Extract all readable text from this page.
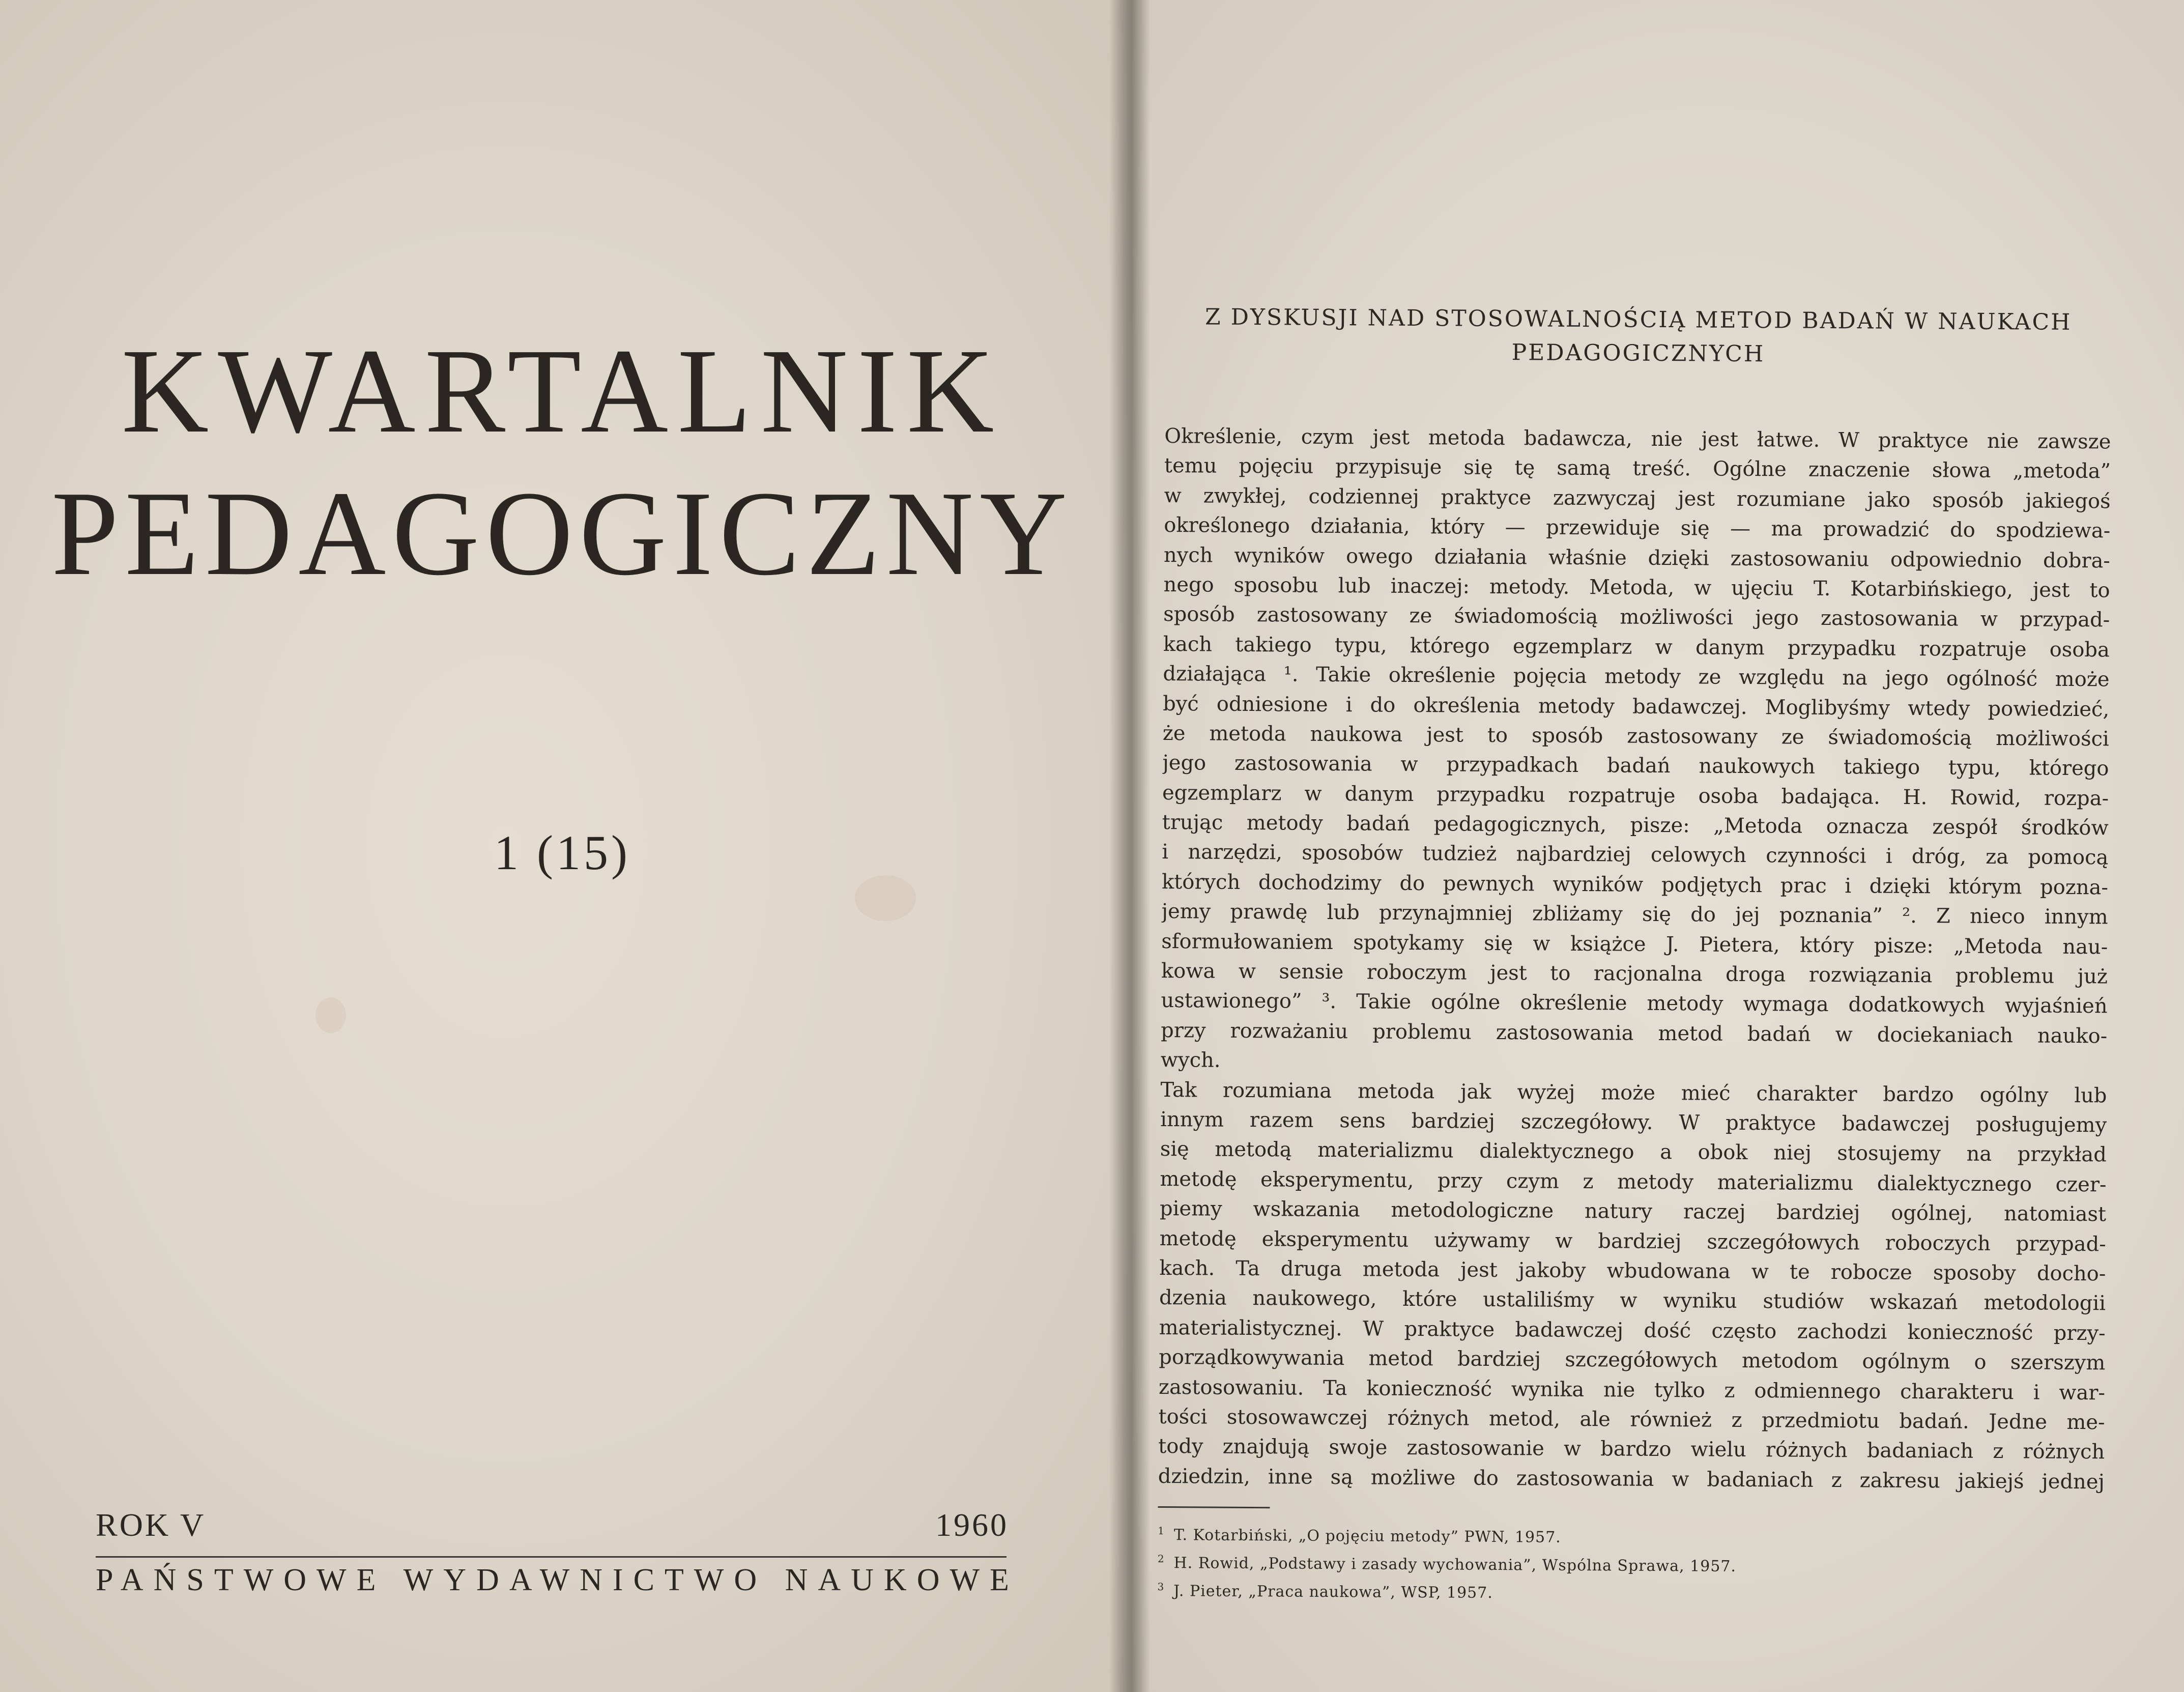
KWARTALNIK
PEDAGOGICZNY
1 (15)
ROK V	1960
PAŃSTWOWE WYDAWNICTWO NAUKOWE
Z DYSKUSJI NAD STOSOWALNOŚCIĄ METOD BADAŃ W NAUKACH
PEDAGOGICZNYCH
Określenie, czym jest metoda badawcza, nie jest łatwe. W praktyce nie zawsze
temu pojęciu przypisuje się tę samą treść. Ogólne znaczenie słowa „metoda”
w zwykłej, codziennej praktyce zazwyczaj jest rozumiane jako sposób jakiegoś
określonego działania, który — przewiduje się — ma prowadzić do spodziewa-
nych wyników owego działania właśnie dzięki zastosowaniu odpowiednio dobra-
nego sposobu lub inaczej: metody. Metoda, w ujęciu T. Kotarbińskiego, jest to
sposób zastosowany ze świadomością możliwości jego zastosowania w przypad-
kach takiego typu, którego egzemplarz w danym przypadku rozpatruje osoba
działająca ¹. Takie określenie pojęcia metody ze względu na jego ogólność może
być odniesione i do określenia metody badawczej. Moglibyśmy wtedy powiedzieć,
że metoda naukowa jest to sposób zastosowany ze świadomością możliwości
jego zastosowania w przypadkach badań naukowych takiego typu, którego
egzemplarz w danym przypadku rozpatruje osoba badająca. H. Rowid, rozpa-
trując metody badań pedagogicznych, pisze: „Metoda oznacza zespół środków
i narzędzi, sposobów tudzież najbardziej celowych czynności i dróg, za pomocą
których dochodzimy do pewnych wyników podjętych prac i dzięki którym pozna-
jemy prawdę lub przynajmniej zbliżamy się do jej poznania” ². Z nieco innym
sformułowaniem spotykamy się w książce J. Pietera, który pisze: „Metoda nau-
kowa w sensie roboczym jest to racjonalna droga rozwiązania problemu już
ustawionego” ³. Takie ogólne określenie metody wymaga dodatkowych wyjaśnień
przy rozważaniu problemu zastosowania metod badań w dociekaniach nauko-
wych.
Tak rozumiana metoda jak wyżej może mieć charakter bardzo ogólny lub
innym razem sens bardziej szczegółowy. W praktyce badawczej posługujemy
się metodą materializmu dialektycznego a obok niej stosujemy na przykład
metodę eksperymentu, przy czym z metody materializmu dialektycznego czer-
piemy wskazania metodologiczne natury raczej bardziej ogólnej, natomiast
metodę eksperymentu używamy w bardziej szczegółowych roboczych przypad-
kach. Ta druga metoda jest jakoby wbudowana w te robocze sposoby docho-
dzenia naukowego, które ustaliliśmy w wyniku studiów wskazań metodologii
materialistycznej. W praktyce badawczej dość często zachodzi konieczność przy-
porządkowywania metod bardziej szczegółowych metodom ogólnym o szerszym
zastosowaniu. Ta konieczność wynika nie tylko z odmiennego charakteru i war-
tości stosowawczej różnych metod, ale również z przedmiotu badań. Jedne me-
tody znajdują swoje zastosowanie w bardzo wielu różnych badaniach z różnych
dziedzin, inne są możliwe do zastosowania w badaniach z zakresu jakiejś jednej
$^1$ T. Kotarbiński, „O pojęciu metody” PWN, 1957.
$^2$ H. Rowid, „Podstawy i zasady wychowania”, Wspólna Sprawa, 1957.
$^3$ J. Pieter, „Praca naukowa”, WSP, 1957.
